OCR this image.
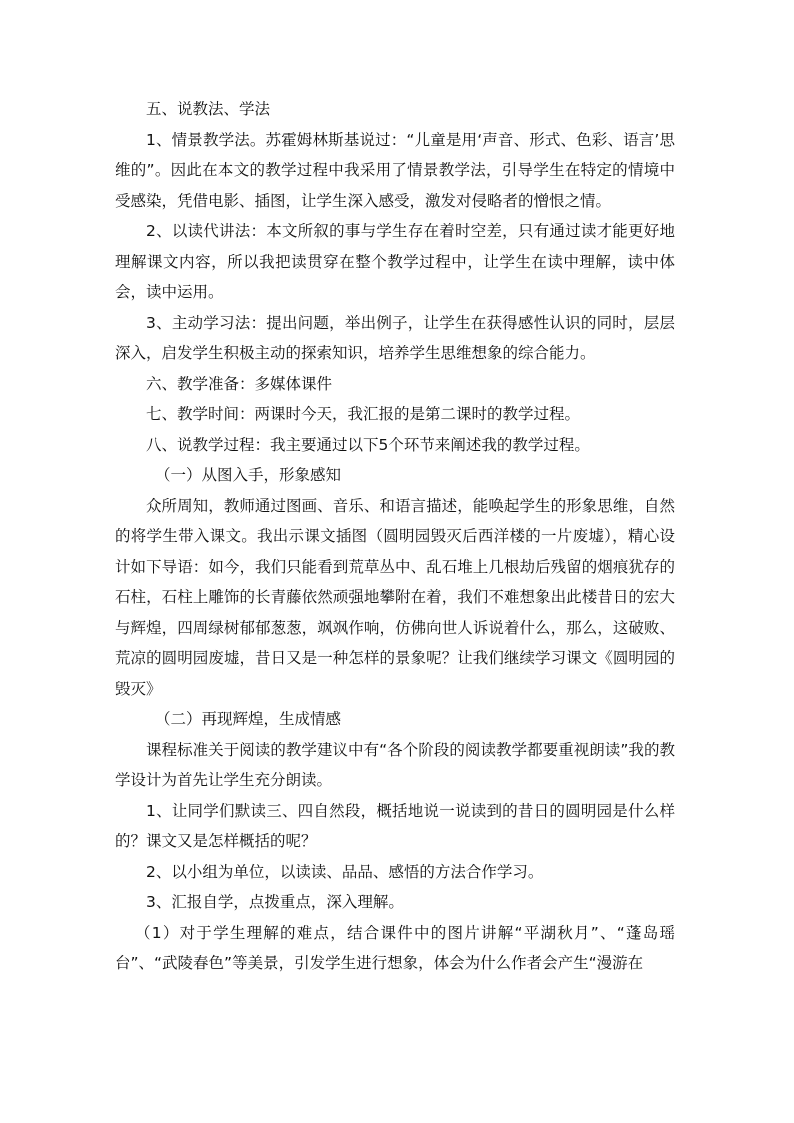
五、说教法、学法

1、情景教学法。苏霍姆林斯基说过：“儿童是用‘声音、形式、色彩、语言’思维的”。因此在本文的教学过程中我采用了情景教学法，引导学生在特定的情境中受感染，凭借电影、插图，让学生深入感受，激发对侵略者的憎恨之情。

2、以读代讲法：本文所叙的事与学生存在着时空差，只有通过读才能更好地理解课文内容，所以我把读贯穿在整个教学过程中，让学生在读中理解，读中体会，读中运用。

3、主动学习法：提出问题，举出例子，让学生在获得感性认识的同时，层层深入，启发学生积极主动的探索知识，培养学生思维想象的综合能力。

六、教学准备：多媒体课件

七、教学时间：两课时今天，我汇报的是第二课时的教学过程。

八、说教学过程：我主要通过以下5个环节来阐述我的教学过程。

（一）从图入手，形象感知

众所周知，教师通过图画、音乐、和语言描述，能唤起学生的形象思维，自然的将学生带入课文。我出示课文插图（圆明园毁灭后西洋楼的一片废墟），精心设计如下导语：如今，我们只能看到荒草丛中、乱石堆上几根劫后残留的烟痕犹存的石柱，石柱上雕饰的长青藤依然顽强地攀附在着，我们不难想象出此楼昔日的宏大与辉煌，四周绿树郁郁葱葱，飒飒作响，仿佛向世人诉说着什么，那么，这破败、荒凉的圆明园废墟，昔日又是一种怎样的景象呢？让我们继续学习课文《圆明园的毁灭》

（二）再现辉煌，生成情感

课程标准关于阅读的教学建议中有“各个阶段的阅读教学都要重视朗读”我的教学设计为首先让学生充分朗读。

1、让同学们默读三、四自然段，概括地说一说读到的昔日的圆明园是什么样的？课文又是怎样概括的呢？

2、以小组为单位，以读读、品品、感悟的方法合作学习。

3、汇报自学，点拨重点，深入理解。

（1）对于学生理解的难点，结合课件中的图片讲解“平湖秋月”、“蓬岛瑶台”、“武陵春色”等美景，引发学生进行想象，体会为什么作者会产生“漫游在
